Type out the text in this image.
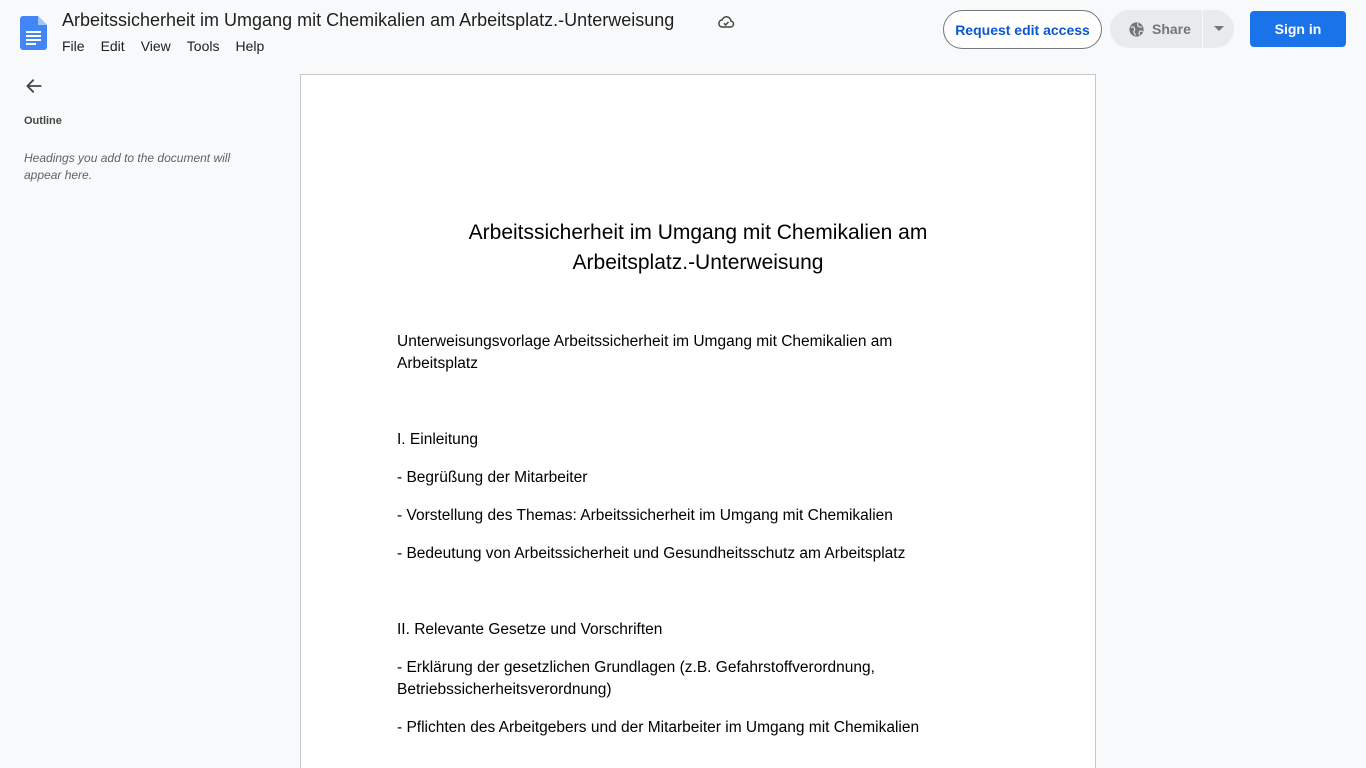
Arbeitssicherheit im Umgang mit Chemikalien am Arbeitsplatz.-Unterweisung
File	Edit	View	Tools	Help
Request edit access	Share	Sign in
Outline
Headings you add to the document will appear here.
Arbeitssicherheit im Umgang mit Chemikalien am
Arbeitsplatz.-Unterweisung

Unterweisungsvorlage Arbeitssicherheit im Umgang mit Chemikalien am Arbeitsplatz

I. Einleitung

- Begrüßung der Mitarbeiter

- Vorstellung des Themas: Arbeitssicherheit im Umgang mit Chemikalien

- Bedeutung von Arbeitssicherheit und Gesundheitsschutz am Arbeitsplatz

II. Relevante Gesetze und Vorschriften

- Erklärung der gesetzlichen Grundlagen (z.B. Gefahrstoffverordnung, Betriebssicherheitsverordnung)

- Pflichten des Arbeitgebers und der Mitarbeiter im Umgang mit Chemikalien
